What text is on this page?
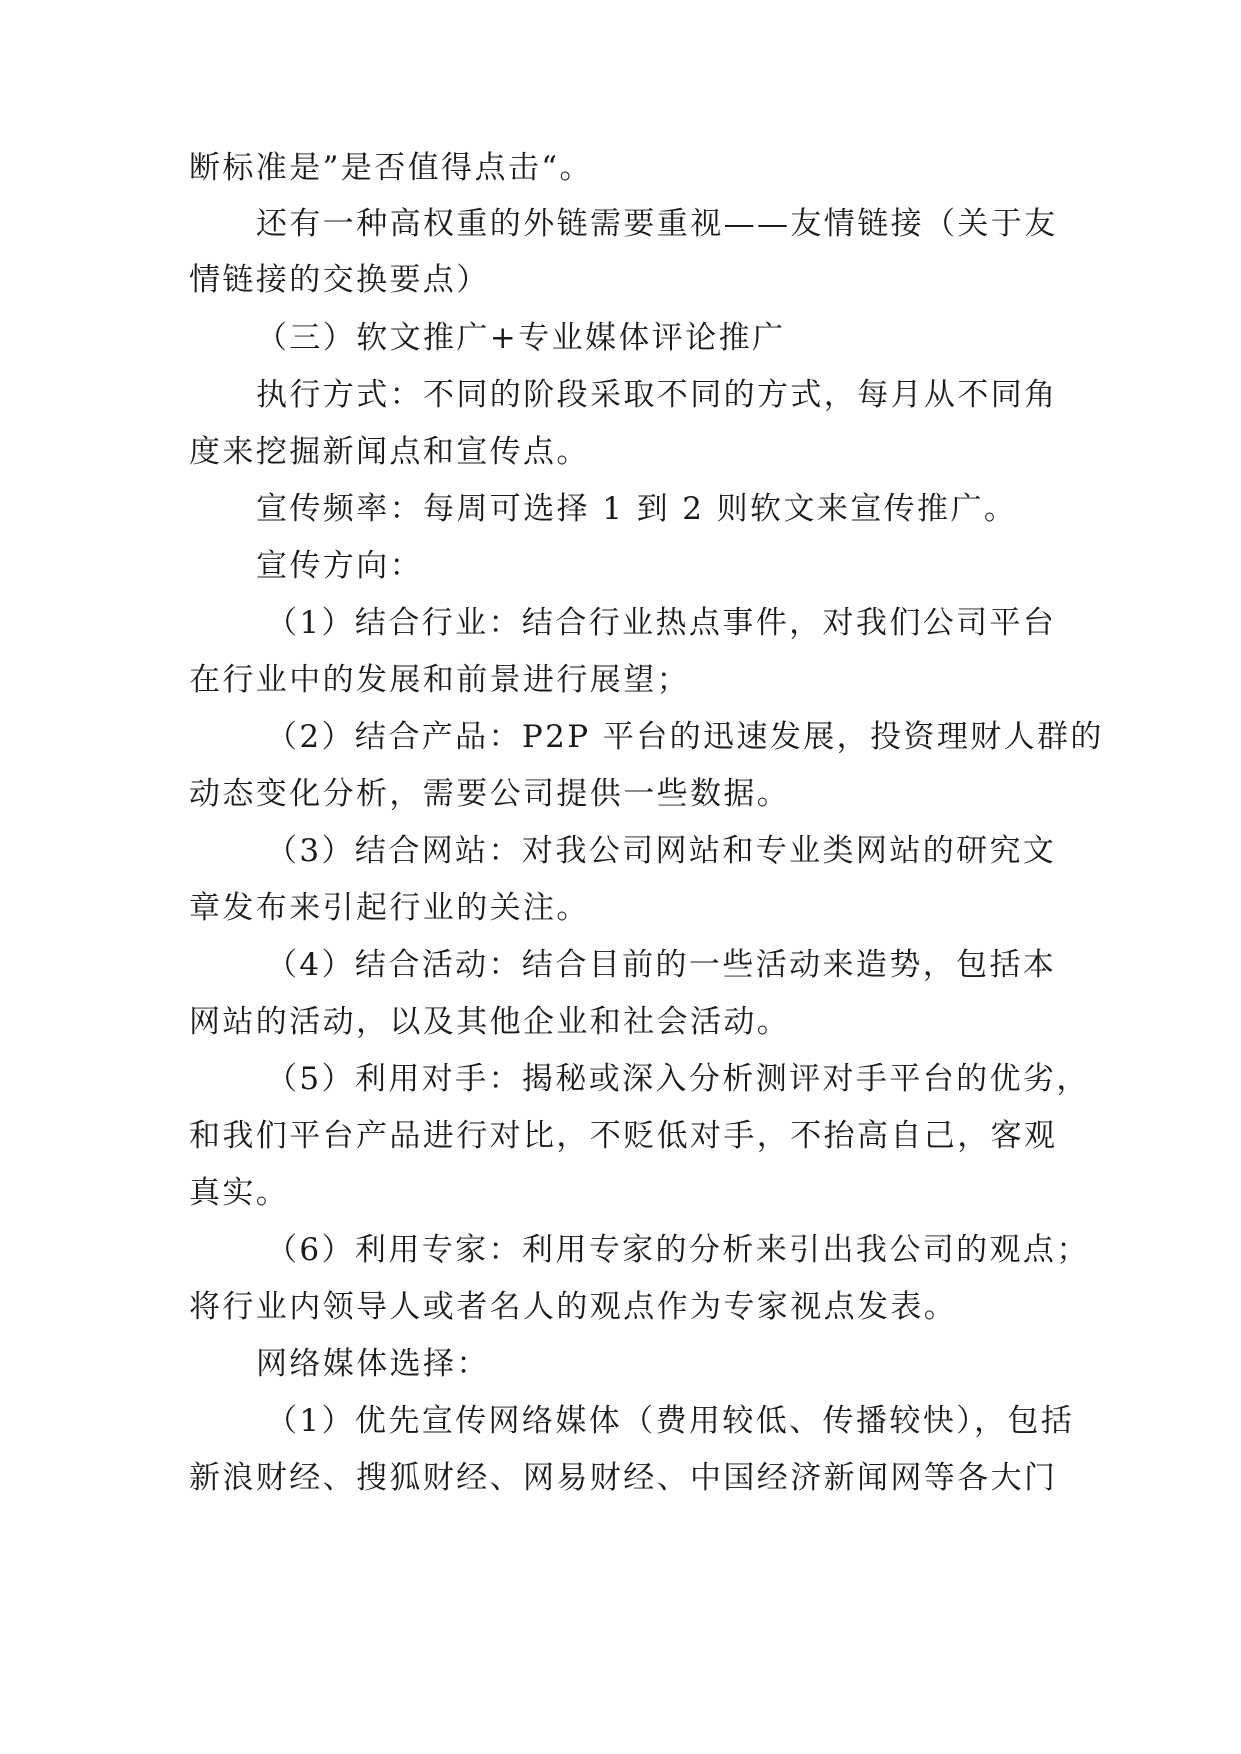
断标准是”是否值得点击“。
还有一种高权重的外链需要重视——友情链接（关于友
情链接的交换要点）
（三）软文推广+专业媒体评论推广
执行方式：不同的阶段采取不同的方式，每月从不同角
度来挖掘新闻点和宣传点。
宣传频率：每周可选择 1 到 2 则软文来宣传推广。
宣传方向：
（1）结合行业：结合行业热点事件，对我们公司平台
在行业中的发展和前景进行展望；
（2）结合产品：P2P 平台的迅速发展，投资理财人群的
动态变化分析，需要公司提供一些数据。
（3）结合网站：对我公司网站和专业类网站的研究文
章发布来引起行业的关注。
（4）结合活动：结合目前的一些活动来造势，包括本
网站的活动，以及其他企业和社会活动。
（5）利用对手：揭秘或深入分析测评对手平台的优劣，
和我们平台产品进行对比，不贬低对手，不抬高自己，客观
真实。
（6）利用专家：利用专家的分析来引出我公司的观点；
将行业内领导人或者名人的观点作为专家视点发表。
网络媒体选择：
（1）优先宣传网络媒体（费用较低、传播较快），包括
新浪财经、搜狐财经、网易财经、中国经济新闻网等各大门
